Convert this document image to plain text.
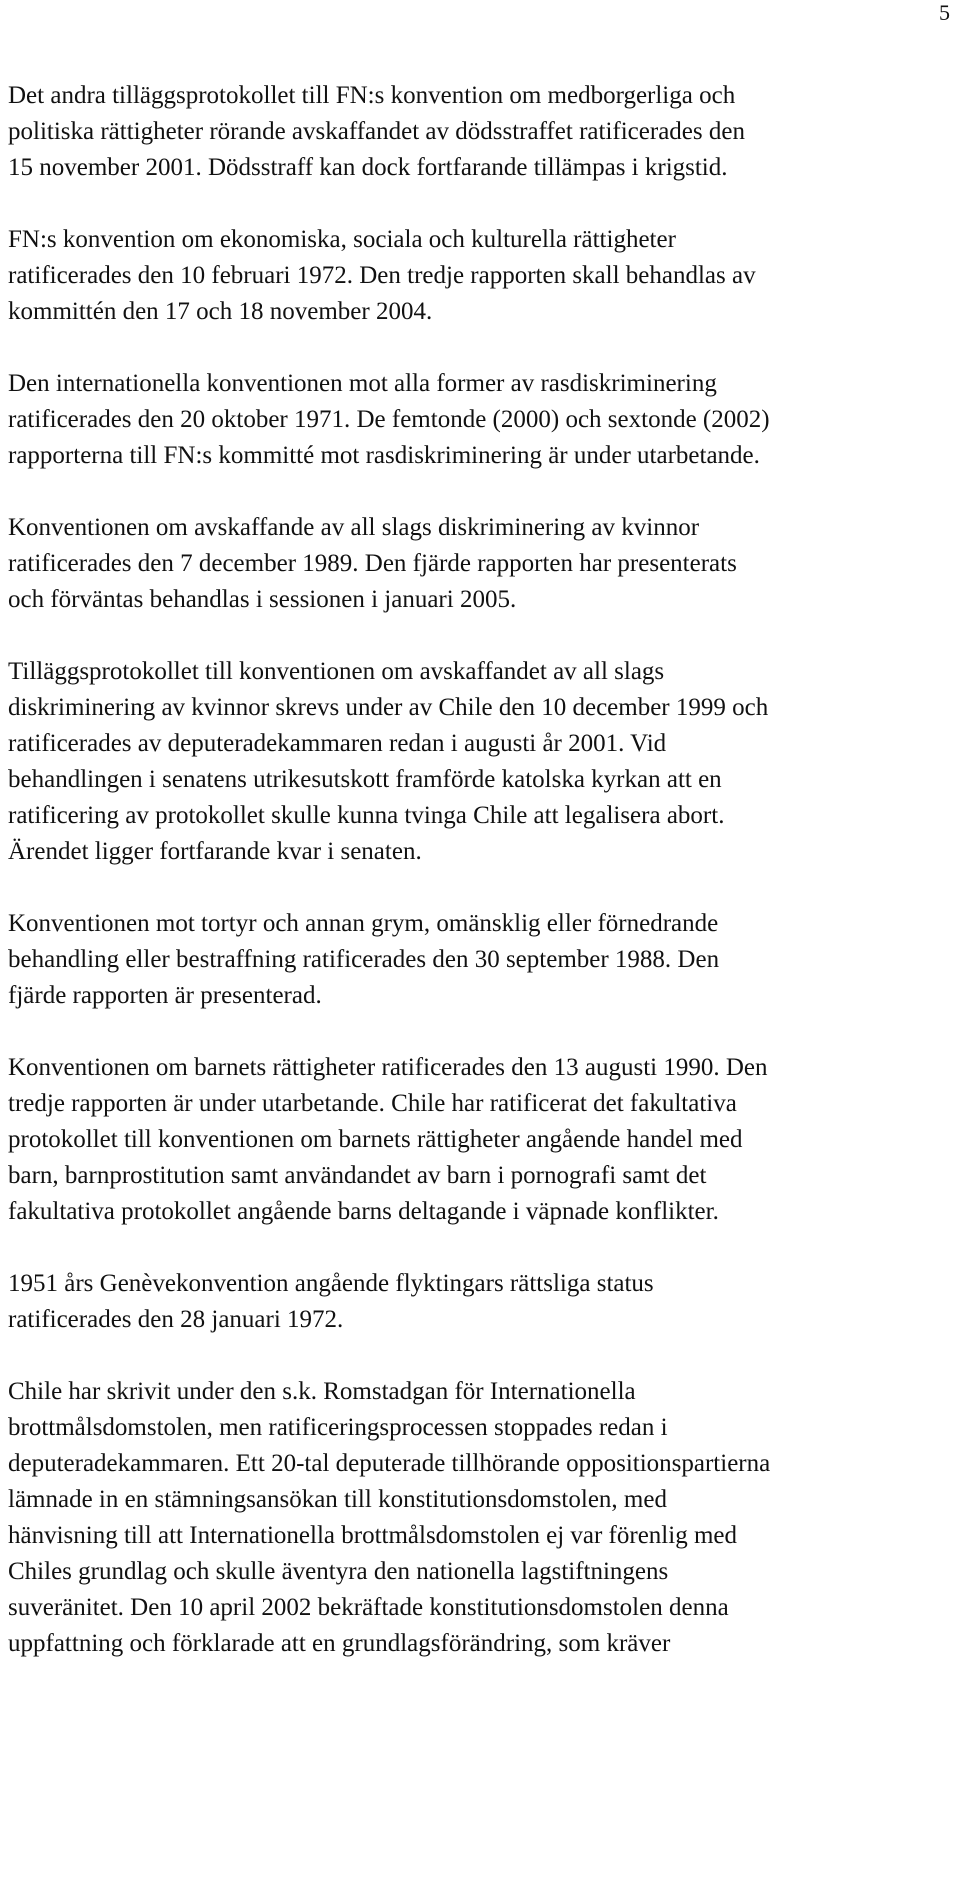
5
Det andra tilläggsprotokollet till FN:s konvention om medborgerliga och
politiska rättigheter rörande avskaffandet av dödsstraffet ratificerades den
15 november 2001. Dödsstraff kan dock fortfarande tillämpas i krigstid.
FN:s konvention om ekonomiska, sociala och kulturella rättigheter
ratificerades den 10 februari 1972. Den tredje rapporten skall behandlas av
kommittén den 17 och 18 november 2004.
Den internationella konventionen mot alla former av rasdiskriminering
ratificerades den 20 oktober 1971. De femtonde (2000) och sextonde (2002)
rapporterna till FN:s kommitté mot rasdiskriminering är under utarbetande.
Konventionen om avskaffande av all slags diskriminering av kvinnor
ratificerades den 7 december 1989. Den fjärde rapporten har presenterats
och förväntas behandlas i sessionen i januari 2005.
Tilläggsprotokollet till konventionen om avskaffandet av all slags
diskriminering av kvinnor skrevs under av Chile den 10 december 1999 och
ratificerades av deputeradekammaren redan i augusti år 2001. Vid
behandlingen i senatens utrikesutskott framförde katolska kyrkan att en
ratificering av protokollet skulle kunna tvinga Chile att legalisera abort.
Ärendet ligger fortfarande kvar i senaten.
Konventionen mot tortyr och annan grym, omänsklig eller förnedrande
behandling eller bestraffning ratificerades den 30 september 1988. Den
fjärde rapporten är presenterad.
Konventionen om barnets rättigheter ratificerades den 13 augusti 1990. Den
tredje rapporten är under utarbetande. Chile har ratificerat det fakultativa
protokollet till konventionen om barnets rättigheter angående handel med
barn, barnprostitution samt användandet av barn i pornografi samt det
fakultativa protokollet angående barns deltagande i väpnade konflikter.
1951 års Genèvekonvention angående flyktingars rättsliga status
ratificerades den 28 januari 1972.
Chile har skrivit under den s.k. Romstadgan för Internationella
brottmålsdomstolen, men ratificeringsprocessen stoppades redan i
deputeradekammaren. Ett 20-tal deputerade tillhörande oppositionspartierna
lämnade in en stämningsansökan till konstitutionsdomstolen, med
hänvisning till att Internationella brottmålsdomstolen ej var förenlig med
Chiles grundlag och skulle äventyra den nationella lagstiftningens
suveränitet. Den 10 april 2002 bekräftade konstitutionsdomstolen denna
uppfattning och förklarade att en grundlagsförändring, som kräver
